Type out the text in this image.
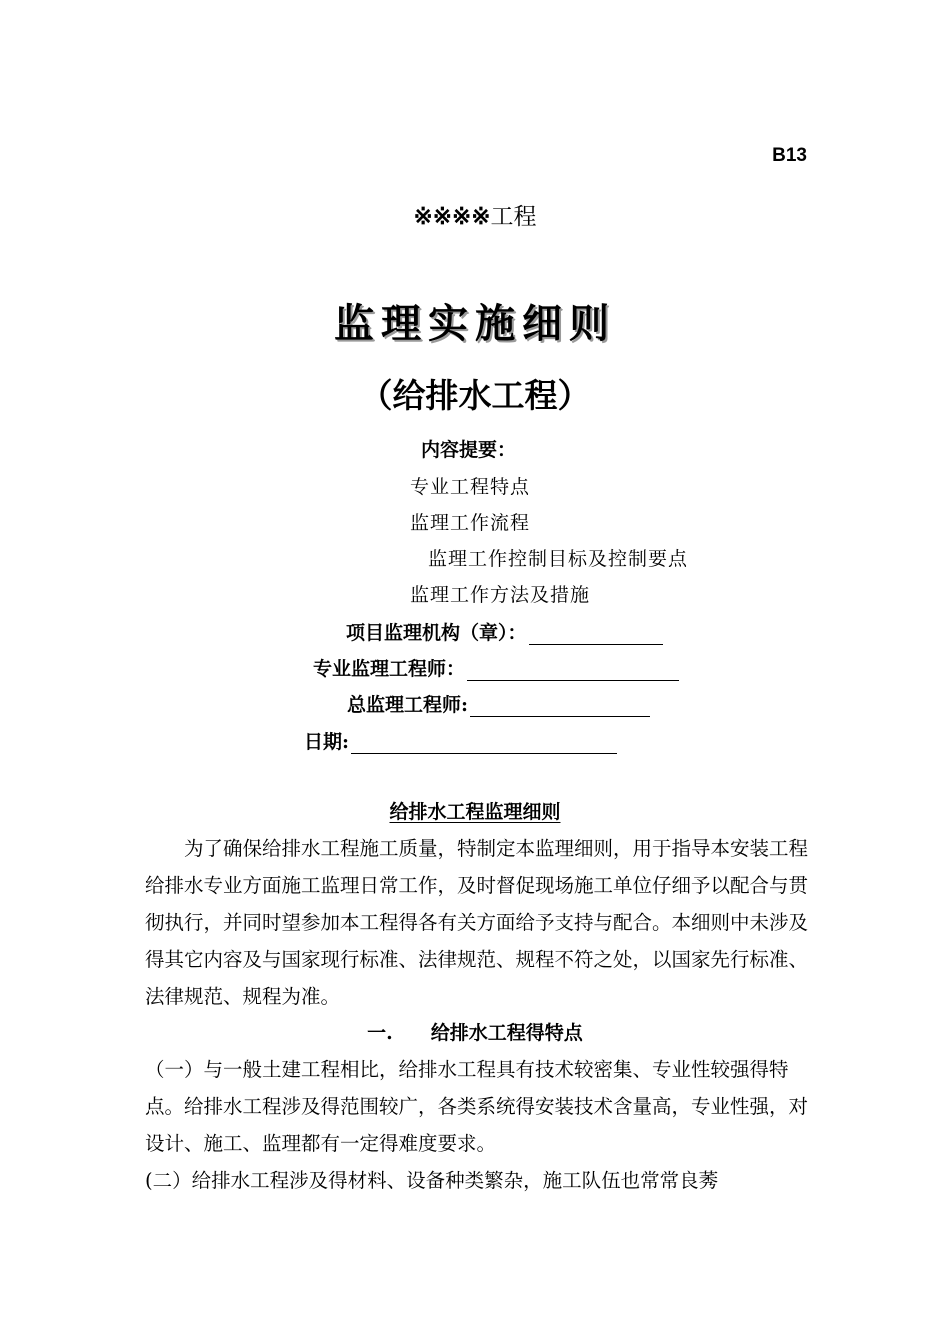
B13
※※※※工程
监理实施细则
（给排水工程）
内容提要：
专业工程特点
监理工作流程
监理工作控制目标及控制要点
监理工作方法及措施
项目监理机构（章）：
专业监理工程师：
总监理工程师:
日期:
给排水工程监理细则

为了确保给排水工程施工质量，特制定本监理细则，用于指导本安装工程给排水专业方面施工监理日常工作，及时督促现场施工单位仔细予以配合与贯彻执行，并同时望参加本工程得各有关方面给予支持与配合。本细则中未涉及得其它内容及与国家现行标准、法律规范、规程不符之处，以国家先行标准、法律规范、规程为准。

一. 给排水工程得特点

（一）与一般土建工程相比，给排水工程具有技术较密集、专业性较强得特点。给排水工程涉及得范围较广，各类系统得安装技术含量高，专业性强，对设计、施工、监理都有一定得难度要求。

(二）给排水工程涉及得材料、设备种类繁杂，施工队伍也常常良莠
